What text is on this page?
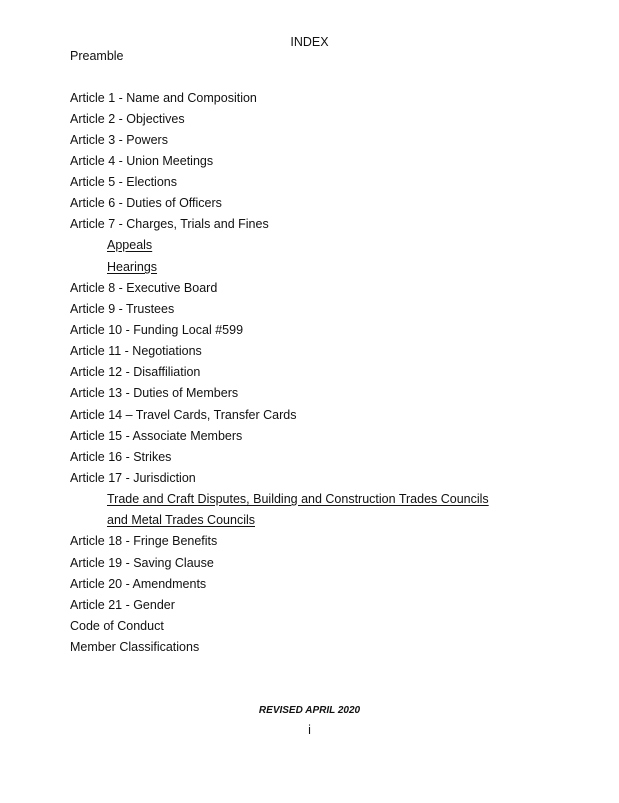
INDEX
Preamble
Article 1 - Name and Composition
Article 2 - Objectives
Article 3 - Powers
Article 4 - Union Meetings
Article 5 - Elections
Article 6 - Duties of Officers
Article 7 - Charges, Trials and Fines
Appeals
Hearings
Article 8 - Executive Board
Article 9 - Trustees
Article 10 - Funding Local #599
Article 11 - Negotiations
Article 12 - Disaffiliation
Article 13 - Duties of Members
Article 14 – Travel Cards, Transfer Cards
Article 15 - Associate Members
Article 16 - Strikes
Article 17 - Jurisdiction
Trade and Craft Disputes, Building and Construction Trades Councils
and Metal Trades Councils
Article 18 - Fringe Benefits
Article 19 - Saving Clause
Article 20 - Amendments
Article 21 - Gender
Code of Conduct
Member Classifications
REVISED APRIL 2020
i
